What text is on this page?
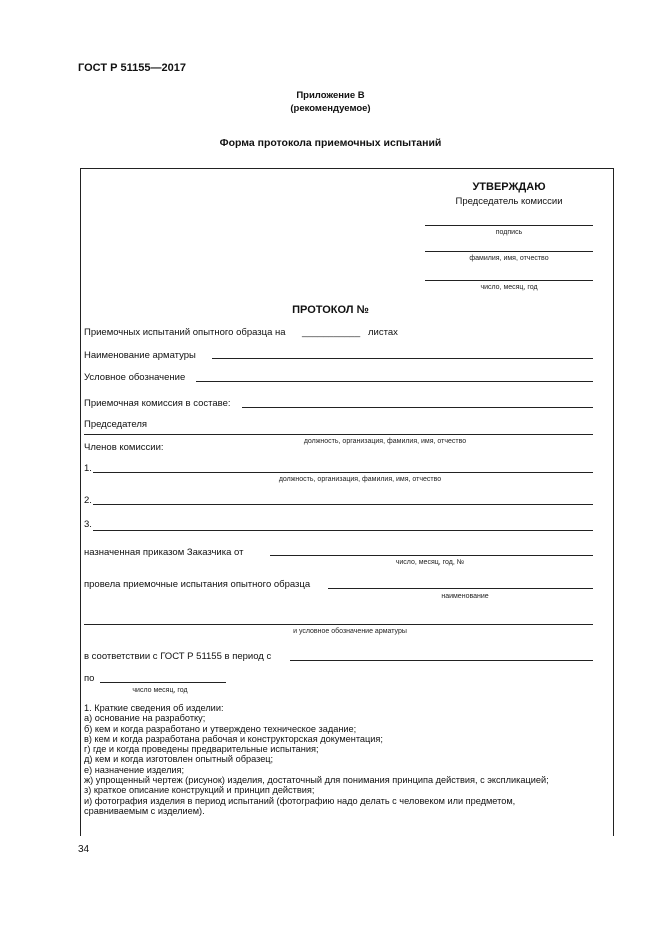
ГОСТ Р 51155—2017
Приложение В
(рекомендуемое)
Форма протокола приемочных испытаний
УТВЕРЖДАЮ
Председатель комиссии
подпись
фамилия, имя, отчество
число, месяц, год
ПРОТОКОЛ №
Приемочных испытаний опытного образца на ___________ листах
Наименование арматуры
Условное обозначение
Приемочная комиссия в составе:
Председателя
должность, организация, фамилия, имя, отчество
Членов комиссии:
1.
должность, организация, фамилия, имя, отчество
2.
3.
назначенная приказом Заказчика от
число, месяц, год, №
провела приемочные испытания опытного образца
наименование
и условное обозначение арматуры
в соответствии с ГОСТ Р 51155 в период с
по
число месяц, год
1. Краткие сведения об изделии:
а) основание на разработку;
б) кем и когда разработано и утверждено техническое задание;
в) кем и когда разработана рабочая и конструкторская документация;
г) где и когда проведены предварительные испытания;
д) кем и когда изготовлен опытный образец;
е) назначение изделия;
ж) упрощенный чертеж (рисунок) изделия, достаточный для понимания принципа действия, с экспликацией;
з) краткое описание конструкций и принцип действия;
и) фотография изделия в период испытаний (фотографию надо делать с человеком или предметом,
сравниваемым с изделием).
34
